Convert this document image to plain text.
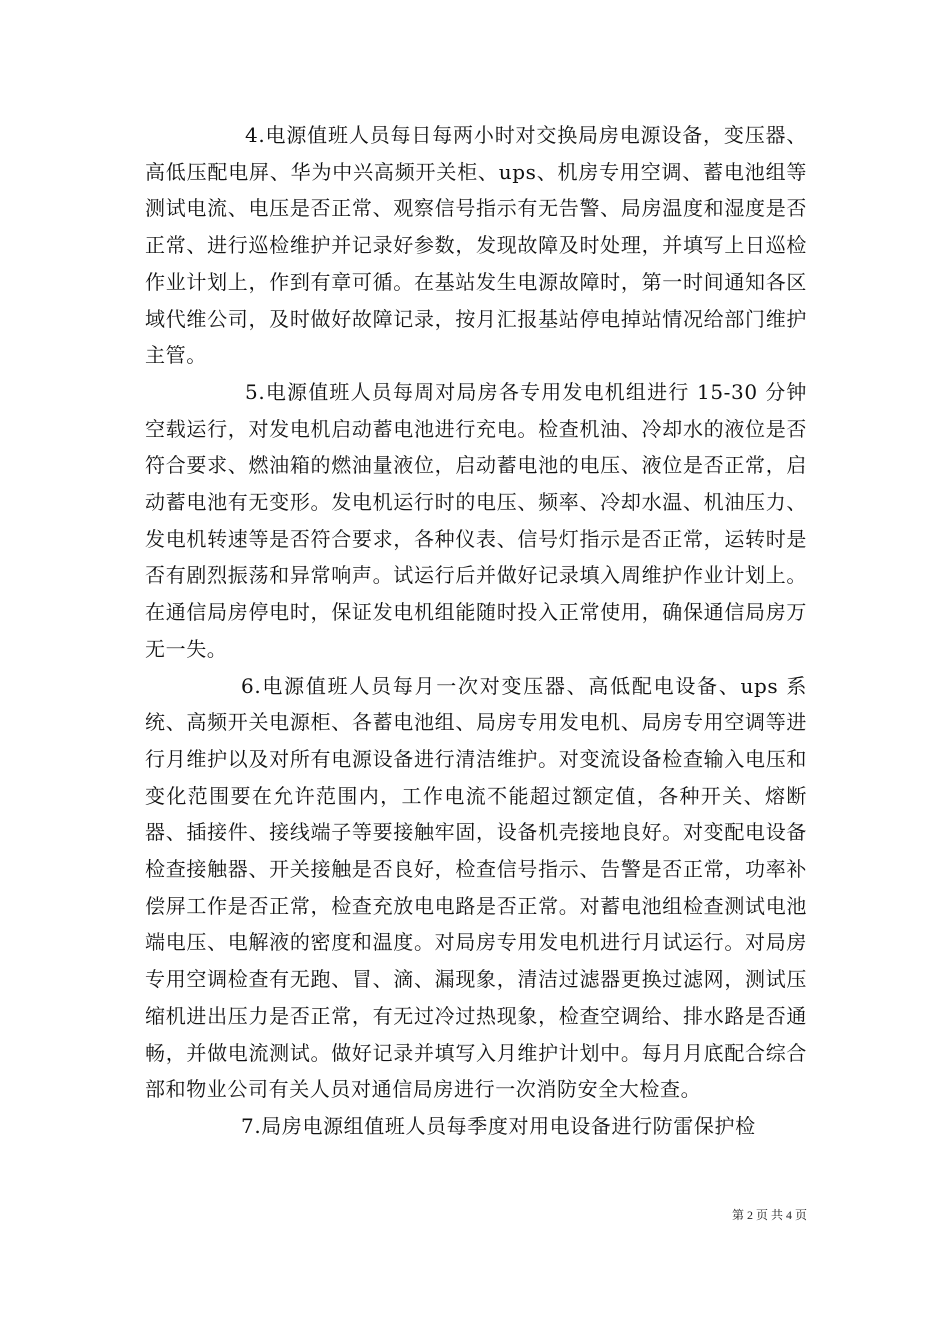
4.电源值班人员每日每两小时对交换局房电源设备，变压器、高低压配电屏、华为中兴高频开关柜、ups、机房专用空调、蓄电池组等测试电流、电压是否正常、观察信号指示有无告警、局房温度和湿度是否正常、进行巡检维护并记录好参数，发现故障及时处理，并填写上日巡检作业计划上，作到有章可循。在基站发生电源故障时，第一时间通知各区域代维公司，及时做好故障记录，按月汇报基站停电掉站情况给部门维护主管。

5.电源值班人员每周对局房各专用发电机组进行 15-30 分钟空载运行，对发电机启动蓄电池进行充电。检查机油、冷却水的液位是否符合要求、燃油箱的燃油量液位，启动蓄电池的电压、液位是否正常，启动蓄电池有无变形。发电机运行时的电压、频率、冷却水温、机油压力、发电机转速等是否符合要求，各种仪表、信号灯指示是否正常，运转时是否有剧烈振荡和异常响声。试运行后并做好记录填入周维护作业计划上。在通信局房停电时，保证发电机组能随时投入正常使用，确保通信局房万无一失。

6.电源值班人员每月一次对变压器、高低配电设备、ups 系统、高频开关电源柜、各蓄电池组、局房专用发电机、局房专用空调等进行月维护以及对所有电源设备进行清洁维护。对变流设备检查输入电压和变化范围要在允许范围内，工作电流不能超过额定值，各种开关、熔断器、插接件、接线端子等要接触牢固，设备机壳接地良好。对变配电设备检查接触器、开关接触是否良好，检查信号指示、告警是否正常，功率补偿屏工作是否正常，检查充放电电路是否正常。对蓄电池组检查测试电池端电压、电解液的密度和温度。对局房专用发电机进行月试运行。对局房专用空调检查有无跑、冒、滴、漏现象，清洁过滤器更换过滤网，测试压缩机进出压力是否正常，有无过冷过热现象，检查空调给、排水路是否通畅，并做电流测试。做好记录并填写入月维护计划中。每月月底配合综合部和物业公司有关人员对通信局房进行一次消防安全大检查。

7.局房电源组值班人员每季度对用电设备进行防雷保护检

第 2 页 共 4 页
